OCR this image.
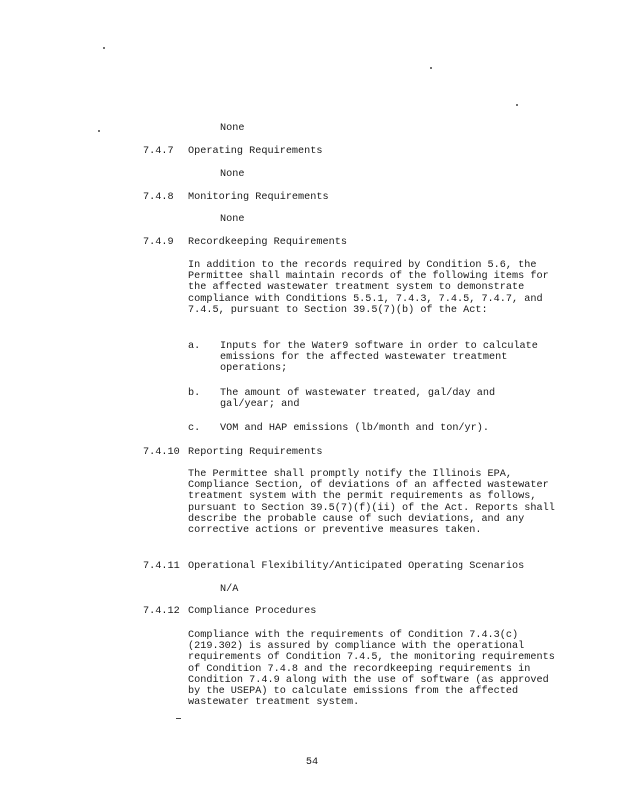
None
7.4.7 Operating Requirements
None
7.4.8 Monitoring Requirements
None
7.4.9 Recordkeeping Requirements

In addition to the records required by Condition 5.6, the Permittee shall maintain records of the following items for the affected wastewater treatment system to demonstrate compliance with Conditions 5.5.1, 7.4.3, 7.4.5, 7.4.7, and 7.4.5, pursuant to Section 39.5(7)(b) of the Act:

a. Inputs for the Water9 software in order to calculate emissions for the affected wastewater treatment operations;
b. The amount of wastewater treated, gal/day and gal/year; and
c. VOM and HAP emissions (lb/month and ton/yr).
7.4.10 Reporting Requirements

The Permittee shall promptly notify the Illinois EPA, Compliance Section, of deviations of an affected wastewater treatment system with the permit requirements as follows, pursuant to Section 39.5(7)(f)(ii) of the Act. Reports shall describe the probable cause of such deviations, and any corrective actions or preventive measures taken.

7.4.11 Operational Flexibility/Anticipated Operating Scenarios
N/A
7.4.12 Compliance Procedures

Compliance with the requirements of Condition 7.4.3(c) (219.302) is assured by compliance with the operational requirements of Condition 7.4.5, the monitoring requirements of Condition 7.4.8 and the recordkeeping requirements in Condition 7.4.9 along with the use of software (as approved by the USEPA) to calculate emissions from the affected wastewater treatment system.

54
